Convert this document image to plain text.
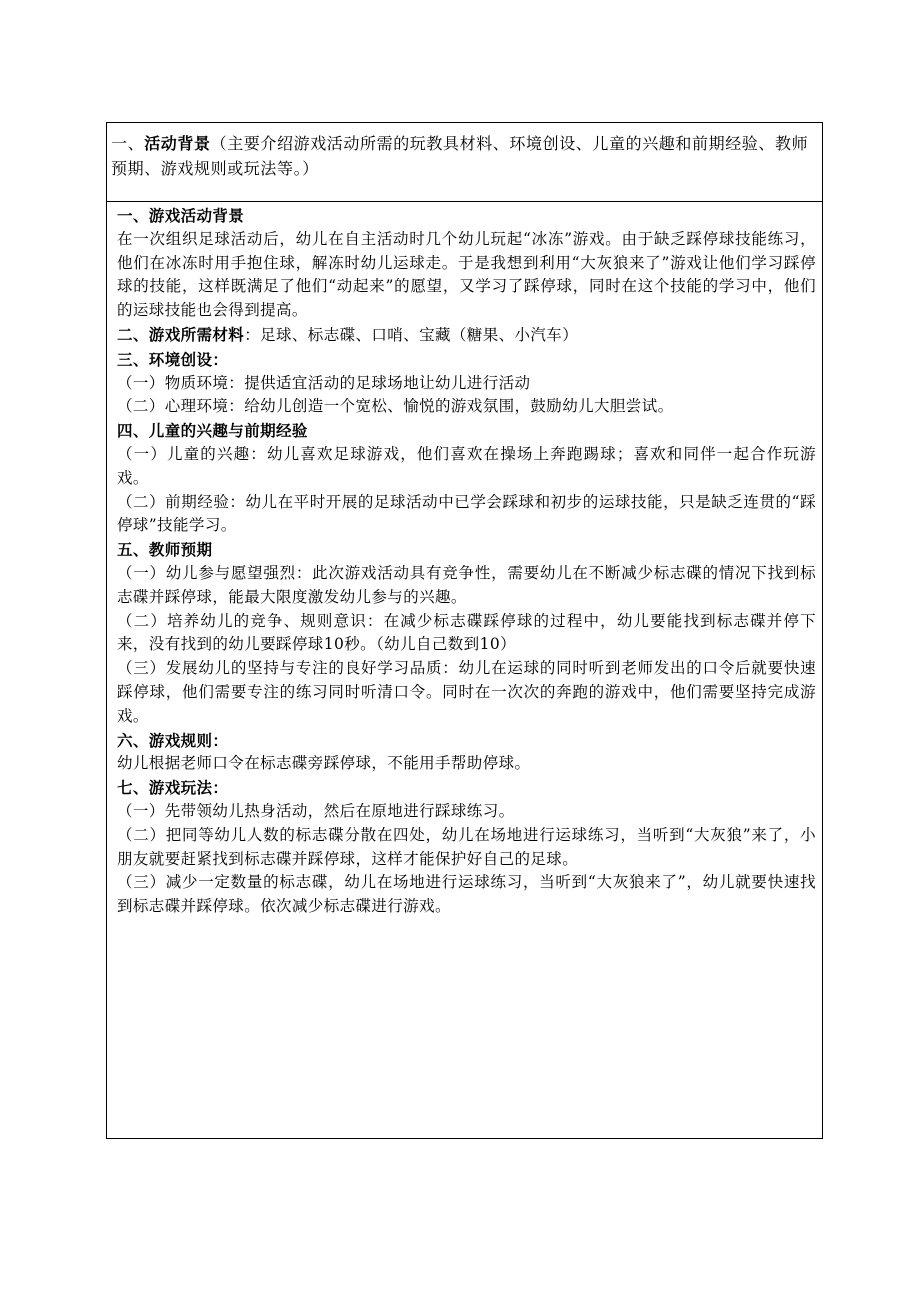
一、活动背景（主要介绍游戏活动所需的玩教具材料、环境创设、儿童的兴趣和前期经验、教师预期、游戏规则或玩法等。）

一、游戏活动背景

在一次组织足球活动后，幼儿在自主活动时几个幼儿玩起“冰冻”游戏。由于缺乏踩停球技能练习，他们在冰冻时用手抱住球，解冻时幼儿运球走。于是我想到利用“大灰狼来了”游戏让他们学习踩停球的技能，这样既满足了他们“动起来”的愿望，又学习了踩停球，同时在这个技能的学习中，他们的运球技能也会得到提高。

二、游戏所需材料：足球、标志碟、口哨、宝藏（糖果、小汽车）

三、环境创设：

（一）物质环境：提供适宜活动的足球场地让幼儿进行活动

（二）心理环境：给幼儿创造一个宽松、愉悦的游戏氛围，鼓励幼儿大胆尝试。

四、儿童的兴趣与前期经验

（一）儿童的兴趣：幼儿喜欢足球游戏，他们喜欢在操场上奔跑踢球；喜欢和同伴一起合作玩游戏。

（二）前期经验：幼儿在平时开展的足球活动中已学会踩球和初步的运球技能，只是缺乏连贯的“踩停球”技能学习。

五、教师预期

（一）幼儿参与愿望强烈：此次游戏活动具有竞争性，需要幼儿在不断减少标志碟的情况下找到标志碟并踩停球，能最大限度激发幼儿参与的兴趣。

（二）培养幼儿的竞争、规则意识：在减少标志碟踩停球的过程中，幼儿要能找到标志碟并停下来，没有找到的幼儿要踩停球10秒。（幼儿自己数到10）

（三）发展幼儿的坚持与专注的良好学习品质：幼儿在运球的同时听到老师发出的口令后就要快速踩停球，他们需要专注的练习同时听清口令。同时在一次次的奔跑的游戏中，他们需要坚持完成游戏。

六、游戏规则：

幼儿根据老师口令在标志碟旁踩停球，不能用手帮助停球。

七、游戏玩法：

（一）先带领幼儿热身活动，然后在原地进行踩球练习。

（二）把同等幼儿人数的标志碟分散在四处，幼儿在场地进行运球练习，当听到“大灰狼”来了，小朋友就要赶紧找到标志碟并踩停球，这样才能保护好自己的足球。

（三）减少一定数量的标志碟，幼儿在场地进行运球练习，当听到“大灰狼来了”，幼儿就要快速找到标志碟并踩停球。依次减少标志碟进行游戏。
